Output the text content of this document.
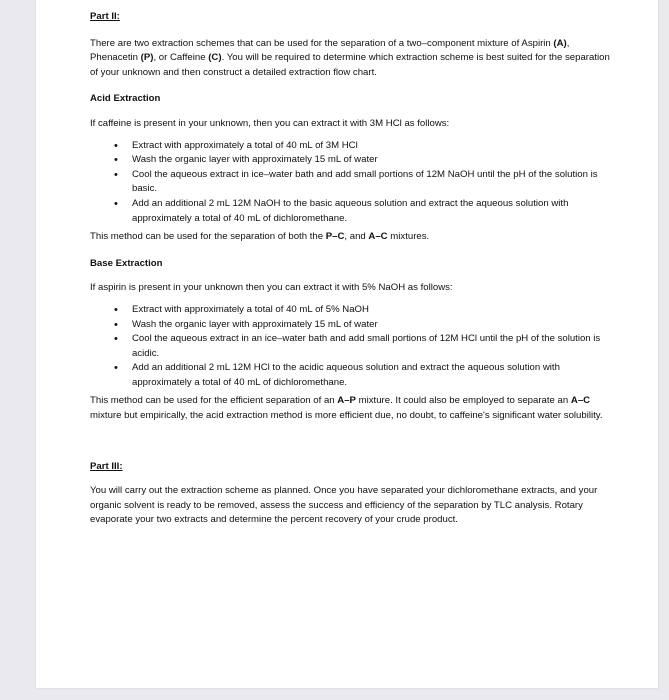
Part II:

There are two extraction schemes that can be used for the separation of a two–component mixture of Aspirin (A), Phenacetin (P), or Caffeine (C). You will be required to determine which extraction scheme is best suited for the separation of your unknown and then construct a detailed extraction flow chart.

Acid Extraction

If caffeine is present in your unknown, then you can extract it with 3M HCl as follows:

• Extract with approximately a total of 40 mL of 3M HCl
• Wash the organic layer with approximately 15 mL of water
• Cool the aqueous extract in ice–water bath and add small portions of 12M NaOH until the pH of the solution is basic.
• Add an additional 2 mL 12M NaOH to the basic aqueous solution and extract the aqueous solution with approximately a total of 40 mL of dichloromethane.

This method can be used for the separation of both the P–C, and A–C mixtures.

Base Extraction

If aspirin is present in your unknown then you can extract it with 5% NaOH as follows:

• Extract with approximately a total of 40 mL of 5% NaOH
• Wash the organic layer with approximately 15 mL of water
• Cool the aqueous extract in an ice–water bath and add small portions of 12M HCl until the pH of the solution is acidic.
• Add an additional 2 mL 12M HCl to the acidic aqueous solution and extract the aqueous solution with approximately a total of 40 mL of dichloromethane.

This method can be used for the efficient separation of an A–P mixture. It could also be employed to separate an A–C mixture but empirically, the acid extraction method is more efficient due, no doubt, to caffeine's significant water solubility.

Part III:

You will carry out the extraction scheme as planned. Once you have separated your dichloromethane extracts, and your organic solvent is ready to be removed, assess the success and efficiency of the separation by TLC analysis. Rotary evaporate your two extracts and determine the percent recovery of your crude product.
